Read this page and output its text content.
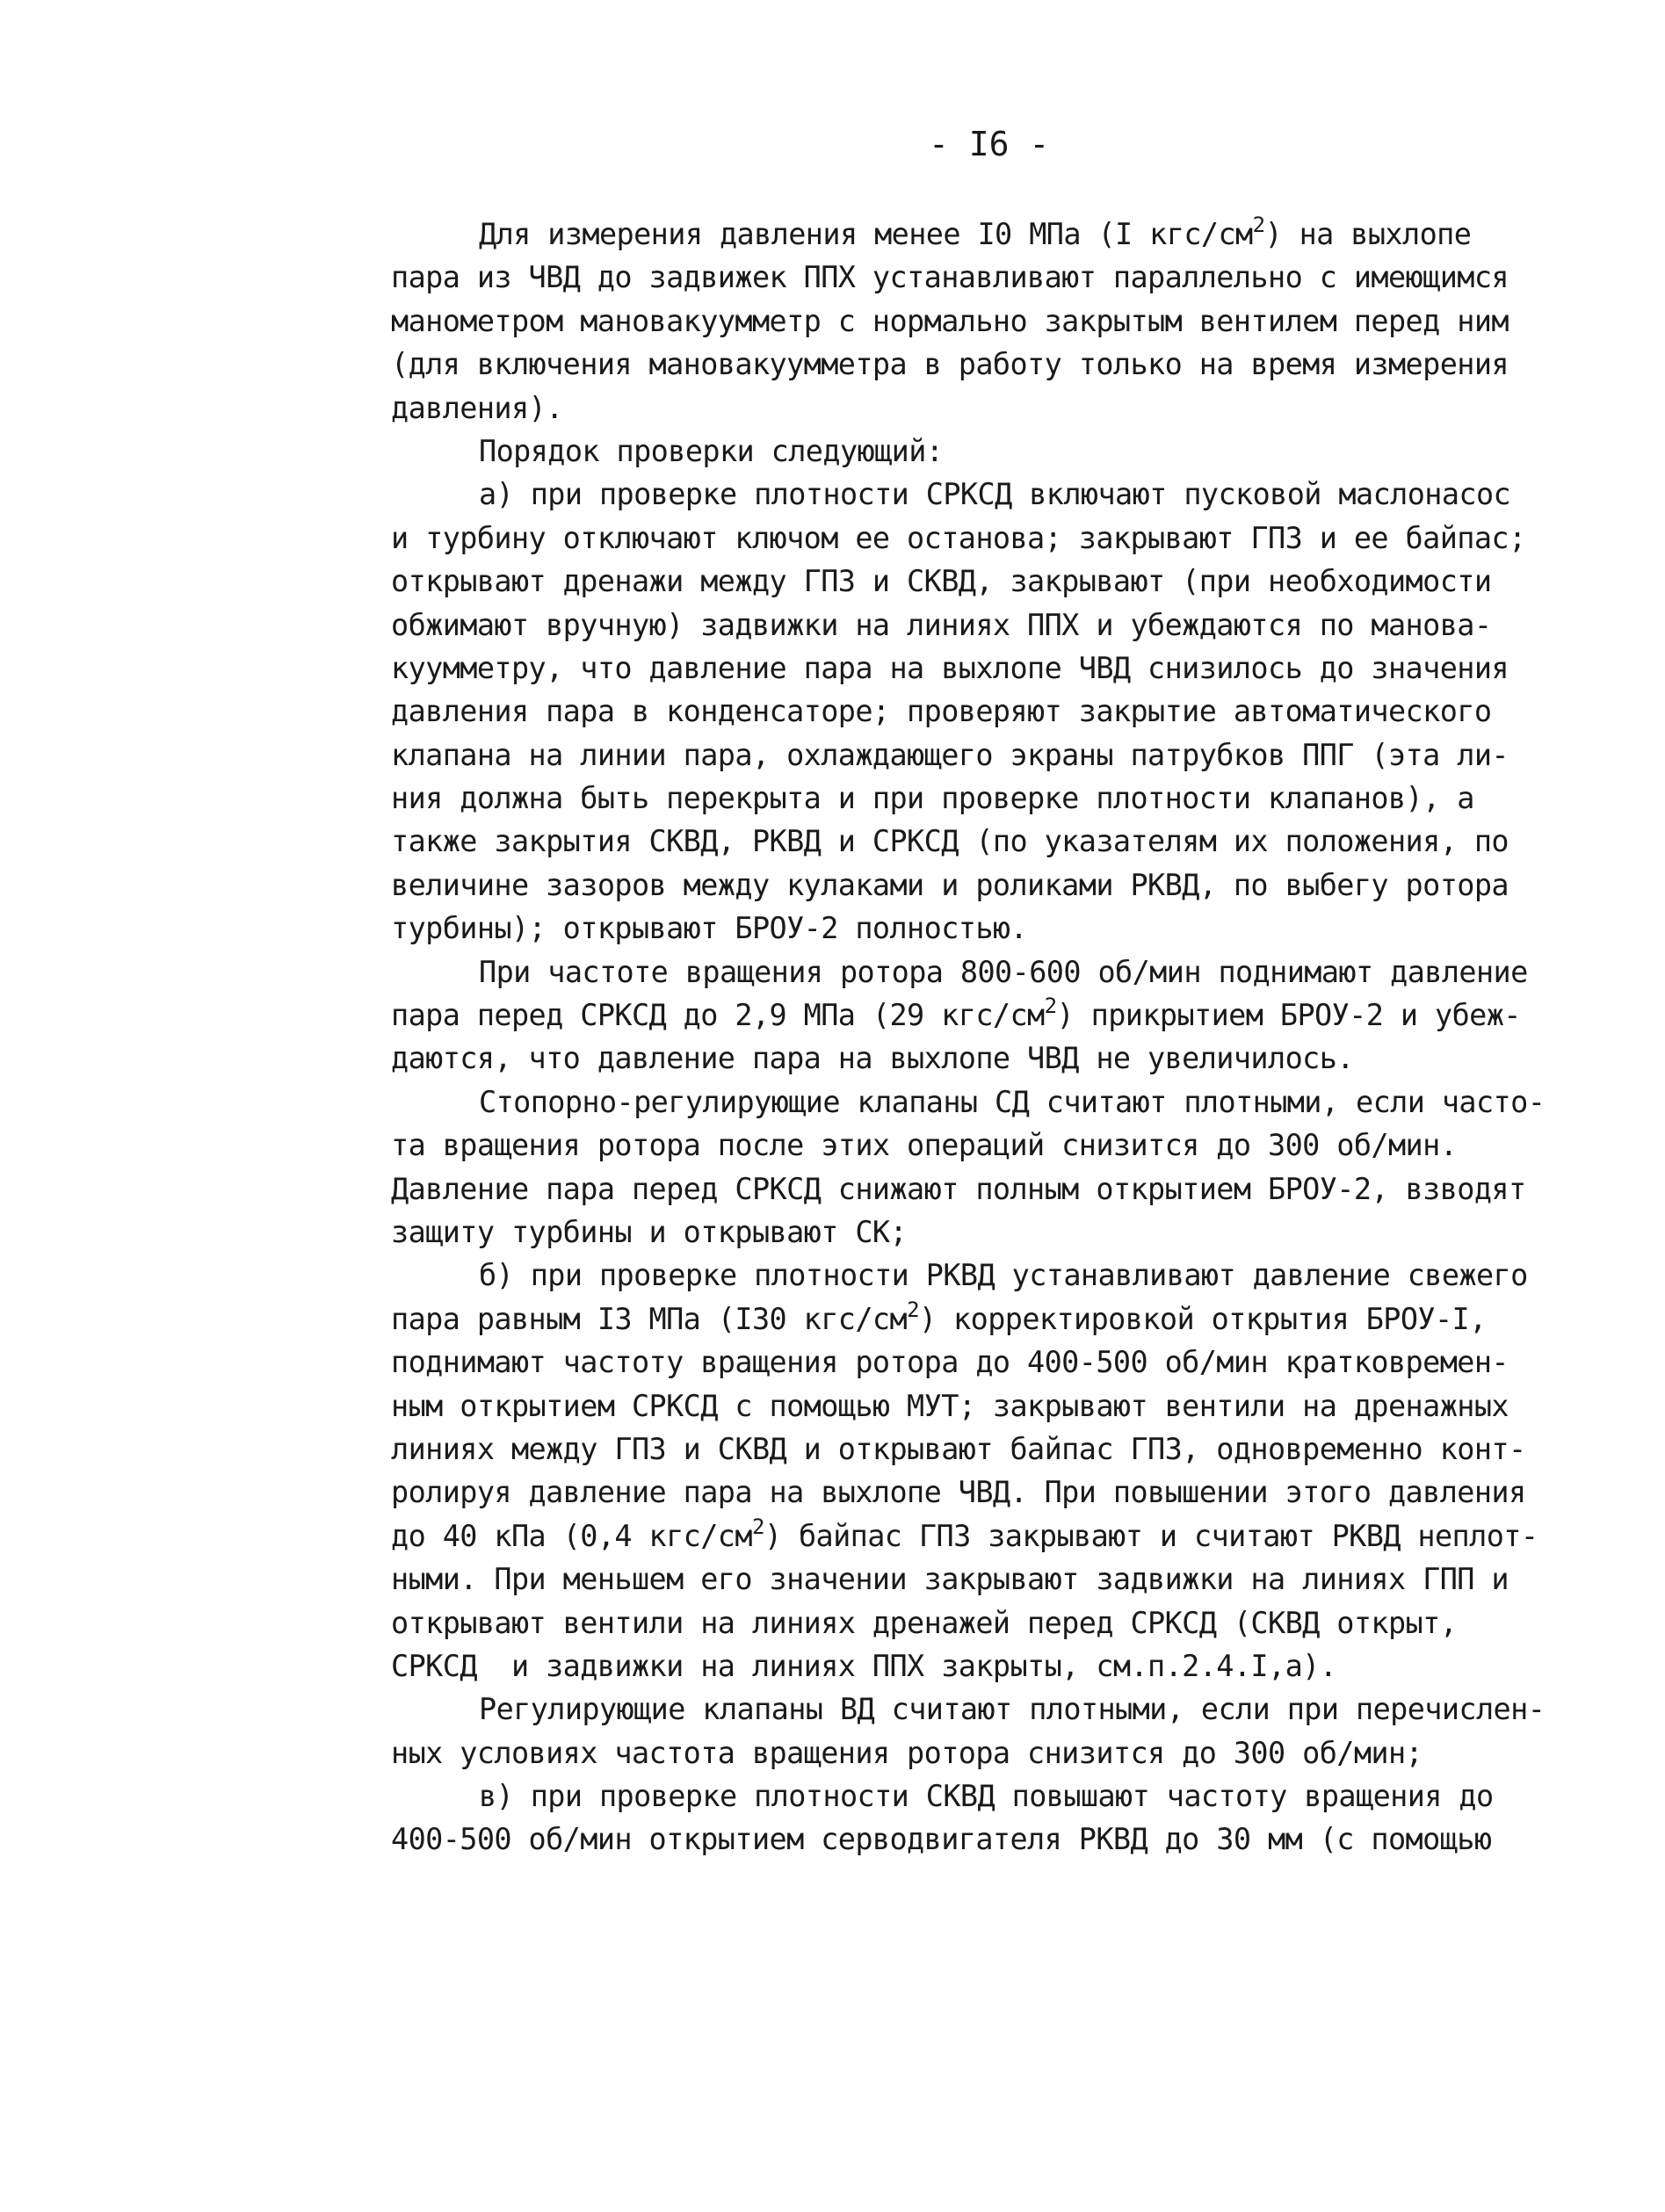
- I6 -
Для измерения давления менее I0 МПа (I кгс/$см^2$) на выхлопе
пара из ЧВД до задвижек ППХ устанавливают параллельно с имеющимся
манометром мановакуумметр с нормально закрытым вентилем перед ним
(для включения мановакуумметра в работу только на время измерения
давления).
Порядок проверки следующий:
а) при проверке плотности СРКСД включают пусковой маслонасос
и турбину отключают ключом ее останова; закрывают ГПЗ и ее байпас;
открывают дренажи между ГПЗ и СКВД, закрывают (при необходимости
обжимают вручную) задвижки на линиях ППХ и убеждаются по манова-
куумметру, что давление пара на выхлопе ЧВД снизилось до значения
давления пара в конденсаторе; проверяют закрытие автоматического
клапана на линии пара, охлаждающего экраны патрубков ППГ (эта ли-
ния должна быть перекрыта и при проверке плотности клапанов), а
также закрытия СКВД, РКВД и СРКСД (по указателям их положения, по
величине зазоров между кулаками и роликами РКВД, по выбегу ротора
турбины); открывают БРОУ-2 полностью.
При частоте вращения ротора 800-600 об/мин поднимают давление
пара перед СРКСД до 2,9 МПа (29 кгс/$см^2$) прикрытием БРОУ-2 и убеж-
даются, что давление пара на выхлопе ЧВД не увеличилось.
Стопорно-регулирующие клапаны СД считают плотными, если часто-
та вращения ротора после этих операций снизится до 300 об/мин.
Давление пара перед СРКСД снижают полным открытием БРОУ-2, взводят
защиту турбины и открывают СК;
б) при проверке плотности РКВД устанавливают давление свежего
пара равным I3 МПа (I30 кгс/$см^2$) корректировкой открытия БРОУ-I,
поднимают частоту вращения ротора до 400-500 об/мин кратковремен-
ным открытием СРКСД с помощью МУТ; закрывают вентили на дренажных
линиях между ГПЗ и СКВД и открывают байпас ГПЗ, одновременно конт-
ролируя давление пара на выхлопе ЧВД. При повышении этого давления
до 40 кПа (0,4 кгс/$см^2$) байпас ГПЗ закрывают и считают РКВД неплот-
ными. При меньшем его значении закрывают задвижки на линиях ГПП и
открывают вентили на линиях дренажей перед СРКСД (СКВД открыт,
СРКСД  и задвижки на линиях ППХ закрыты, см.п.2.4.I,а).
Регулирующие клапаны ВД считают плотными, если при перечислен-
ных условиях частота вращения ротора снизится до 300 об/мин;
в) при проверке плотности СКВД повышают частоту вращения до
400-500 об/мин открытием серводвигателя РКВД до 30 мм (с помощью
